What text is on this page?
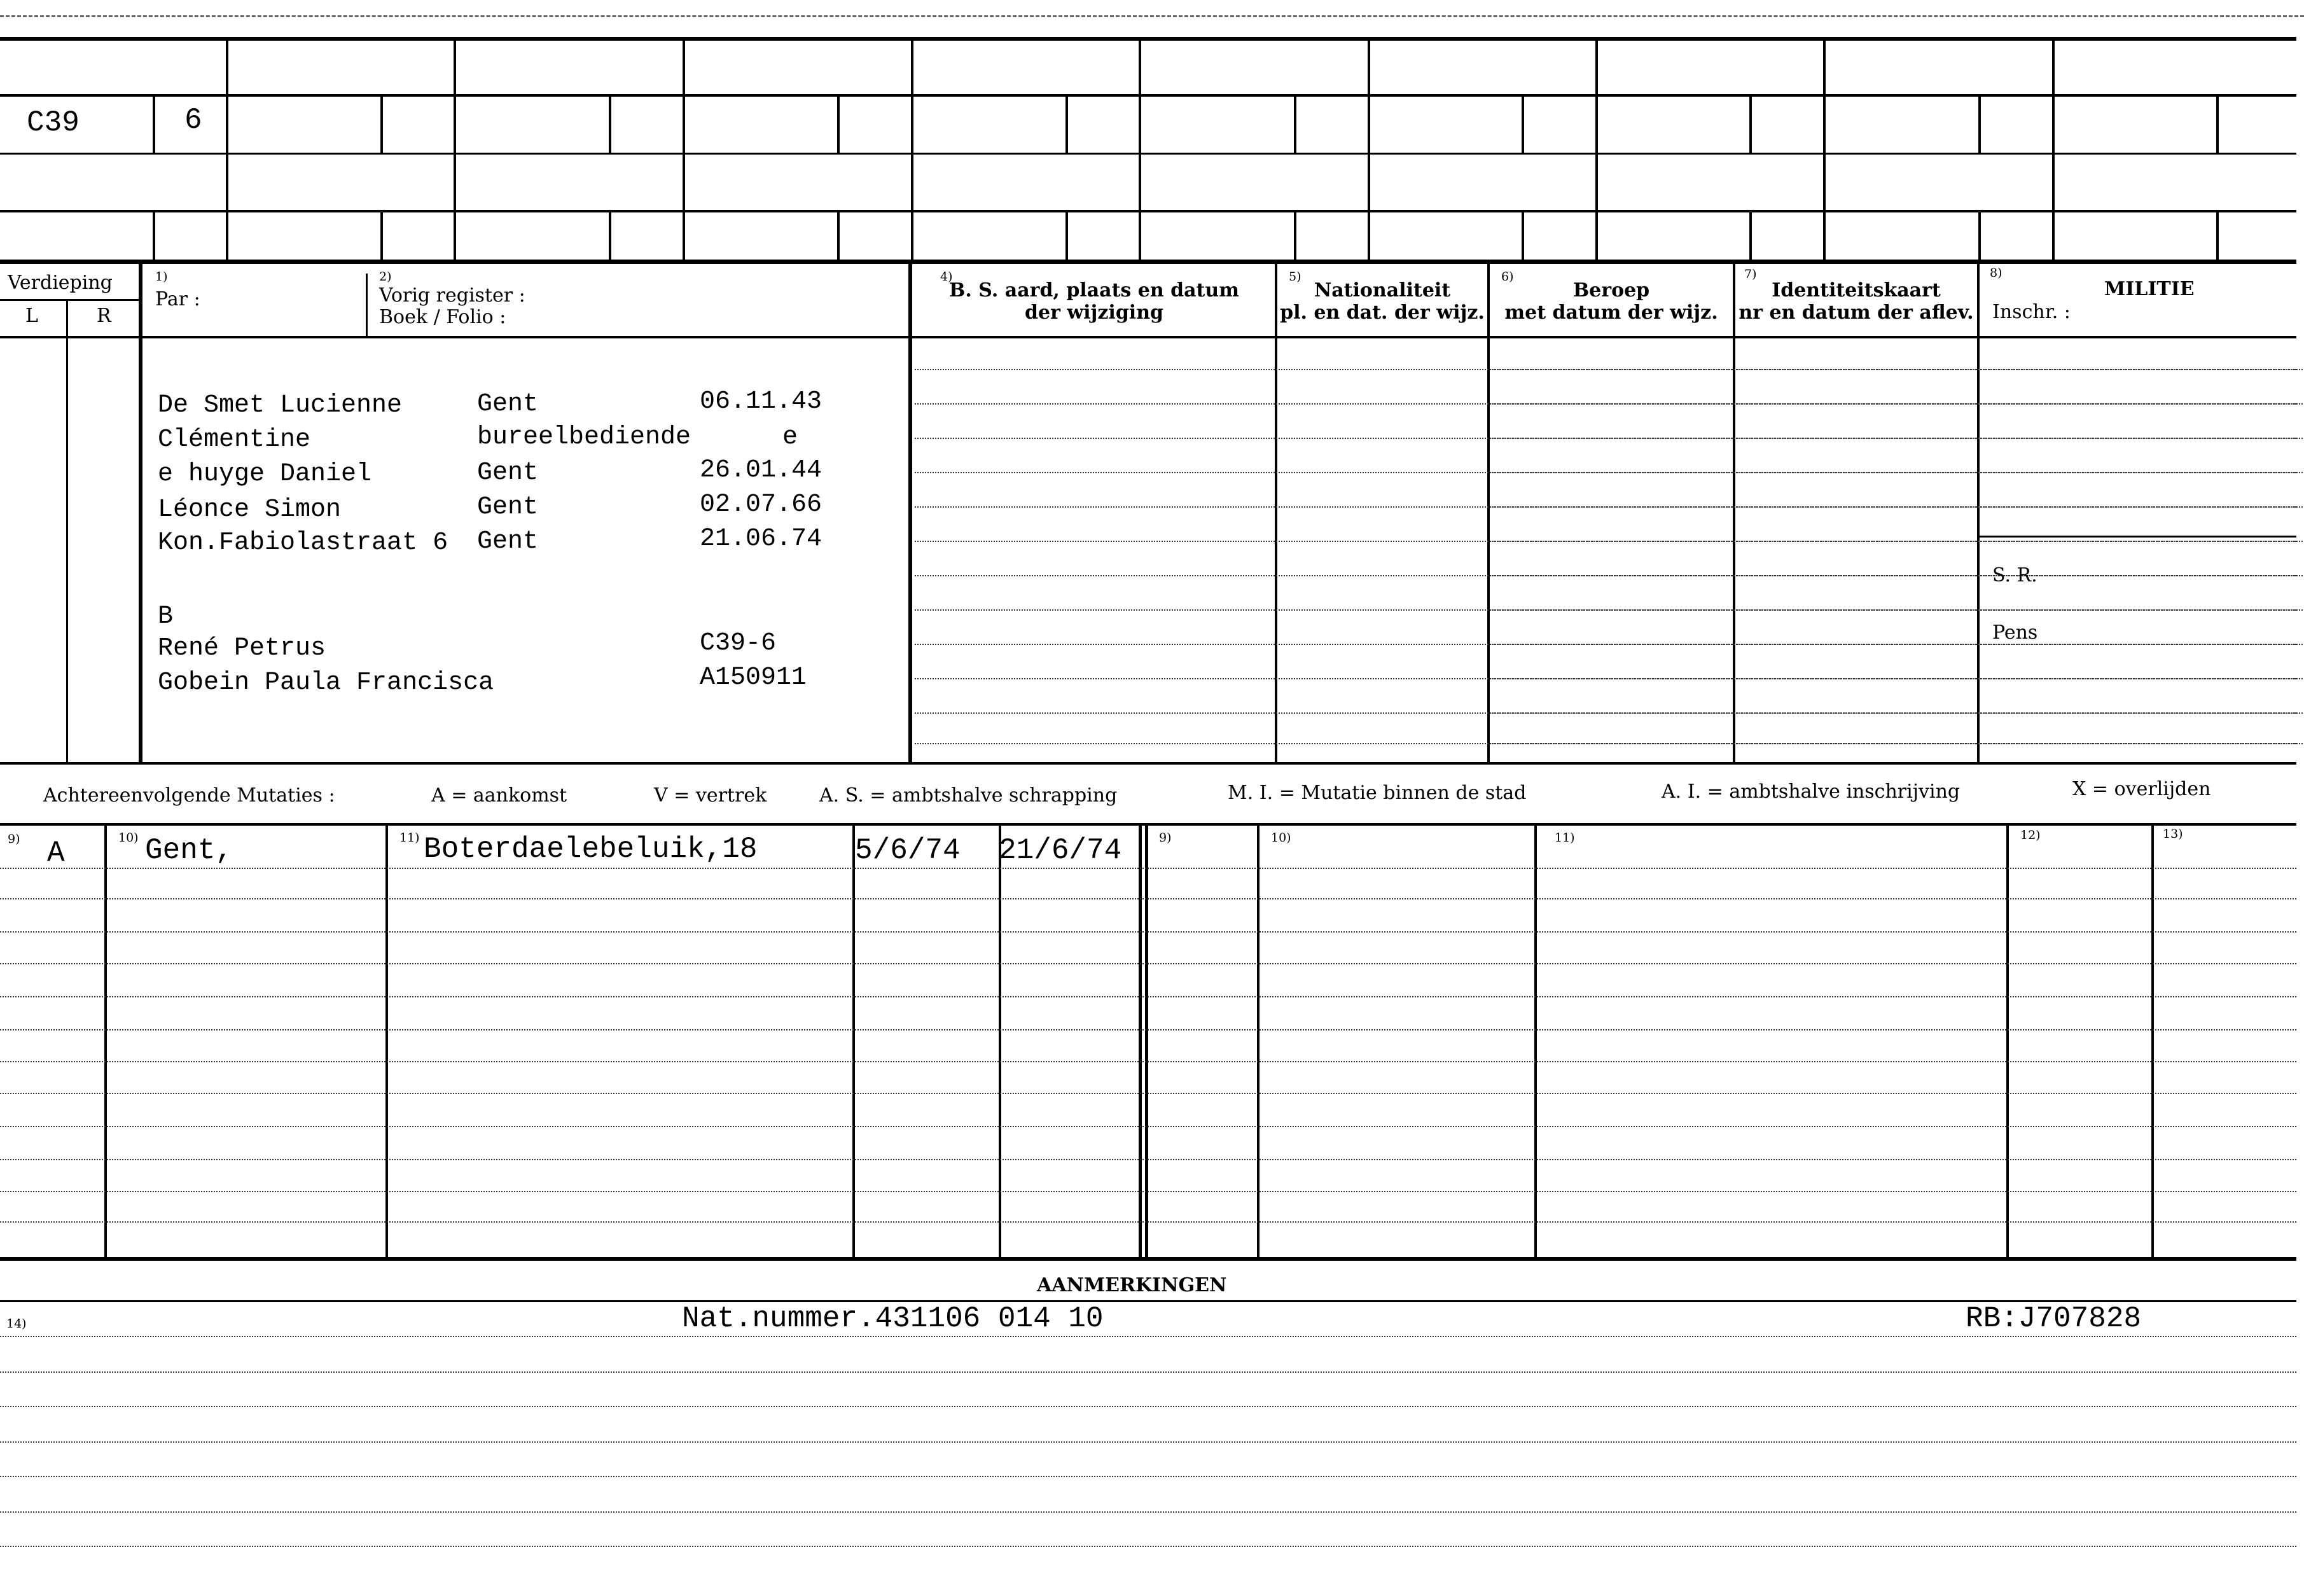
C39	6
Verdieping
L	R
1)
Par :
2)
Vorig register :
Boek / Folio :
4)
B. S. aard, plaats en datum
der wijziging
5)
Nationaliteit
pl. en dat. der wijz.
6)
Beroep
met datum der wijz.
7)
Identiteitskaart
nr en datum der aflev.
8)
MILITIE
Inschr. :
S. R.
Pens
De Smet Lucienne	Gent	06.11.43
Clémentine	bureelbediende	e
e huyge Daniel	Gent	26.01.44
Léonce Simon	Gent	02.07.66
Kon.Fabiolastraat 6 Gent	21.06.74
B
René Petrus	C39-6
Gobein Paula Francisca	A150911
Achtereenvolgende Mutaties :	A = aankomst	V = vertrek	A. S. = ambtshalve schrapping	M. I. = Mutatie binnen de stad	A. I. = ambtshalve inschrijving	X = overlijden
9)	10)	11)	9)	10)	11)	12)	13)
A	Gent,	Boterdaelebeluik,18	5/6/74 21/6/74
AANMERKINGEN
14)	Nat.nummer.431106 014 10	RB:J707828
